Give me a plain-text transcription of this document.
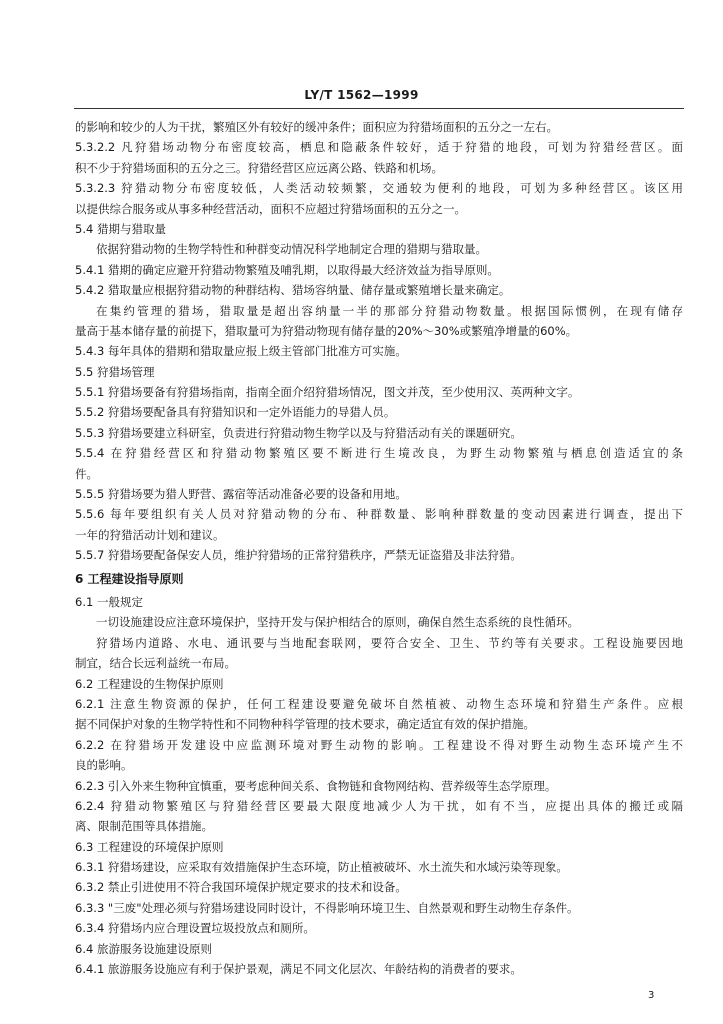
LY/T 1562—1999
的影响和较少的人为干扰，繁殖区外有较好的缓冲条件；面积应为狩猎场面积的五分之一左右。
5.3.2.2 凡狩猎场动物分布密度较高，栖息和隐蔽条件较好，适于狩猎的地段，可划为狩猎经营区。面
积不少于狩猎场面积的五分之三。狩猎经营区应远离公路、铁路和机场。
5.3.2.3 狩猎动物分布密度较低，人类活动较频繁，交通较为便利的地段，可划为多种经营区。该区用
以提供综合服务或从事多种经营活动，面积不应超过狩猎场面积的五分之一。
5.4 猎期与猎取量
依据狩猎动物的生物学特性和种群变动情况科学地制定合理的猎期与猎取量。
5.4.1 猎期的确定应避开狩猎动物繁殖及哺乳期，以取得最大经济效益为指导原则。
5.4.2 猎取量应根据狩猎动物的种群结构、猎场容纳量、储存量或繁殖增长量来确定。
在集约管理的猎场，猎取量是超出容纳量一半的那部分狩猎动物数量。根据国际惯例，在现有储存
量高于基本储存量的前提下，猎取量可为狩猎动物现有储存量的20%～30%或繁殖净增量的60%。
5.4.3 每年具体的猎期和猎取量应报上级主管部门批准方可实施。
5.5 狩猎场管理
5.5.1 狩猎场要备有狩猎场指南，指南全面介绍狩猎场情况，图文并茂，至少使用汉、英两种文字。
5.5.2 狩猎场要配备具有狩猎知识和一定外语能力的导猎人员。
5.5.3 狩猎场要建立科研室，负责进行狩猎动物生物学以及与狩猎活动有关的课题研究。
5.5.4 在狩猎经营区和狩猎动物繁殖区要不断进行生境改良，为野生动物繁殖与栖息创造适宜的条
件。
5.5.5 狩猎场要为猎人野营、露宿等活动准备必要的设备和用地。
5.5.6 每年要组织有关人员对狩猎动物的分布、种群数量、影响种群数量的变动因素进行调查，提出下
一年的狩猎活动计划和建议。
5.5.7 狩猎场要配备保安人员，维护狩猎场的正常狩猎秩序，严禁无证盗猎及非法狩猎。
6 工程建设指导原则
6.1 一般规定
一切设施建设应注意环境保护，坚持开发与保护相结合的原则，确保自然生态系统的良性循环。
狩猎场内道路、水电、通讯要与当地配套联网，要符合安全、卫生、节约等有关要求。工程设施要因地
制宜，结合长远利益统一布局。
6.2 工程建设的生物保护原则
6.2.1 注意生物资源的保护，任何工程建设要避免破坏自然植被、动物生态环境和狩猎生产条件。应根
据不同保护对象的生物学特性和不同物种科学管理的技术要求，确定适宜有效的保护措施。
6.2.2 在狩猎场开发建设中应监测环境对野生动物的影响。工程建设不得对野生动物生态环境产生不
良的影响。
6.2.3 引入外来生物种宜慎重，要考虑种间关系、食物链和食物网结构、营养级等生态学原理。
6.2.4 狩猎动物繁殖区与狩猎经营区要最大限度地减少人为干扰，如有不当，应提出具体的搬迁或隔
离、限制范围等具体措施。
6.3 工程建设的环境保护原则
6.3.1 狩猎场建设，应采取有效措施保护生态环境，防止植被破坏、水土流失和水域污染等现象。
6.3.2 禁止引进使用不符合我国环境保护规定要求的技术和设备。
6.3.3 "三废"处理必须与狩猎场建设同时设计，不得影响环境卫生、自然景观和野生动物生存条件。
6.3.4 狩猎场内应合理设置垃圾投放点和厕所。
6.4 旅游服务设施建设原则
6.4.1 旅游服务设施应有利于保护景观，满足不同文化层次、年龄结构的消费者的要求。
3
